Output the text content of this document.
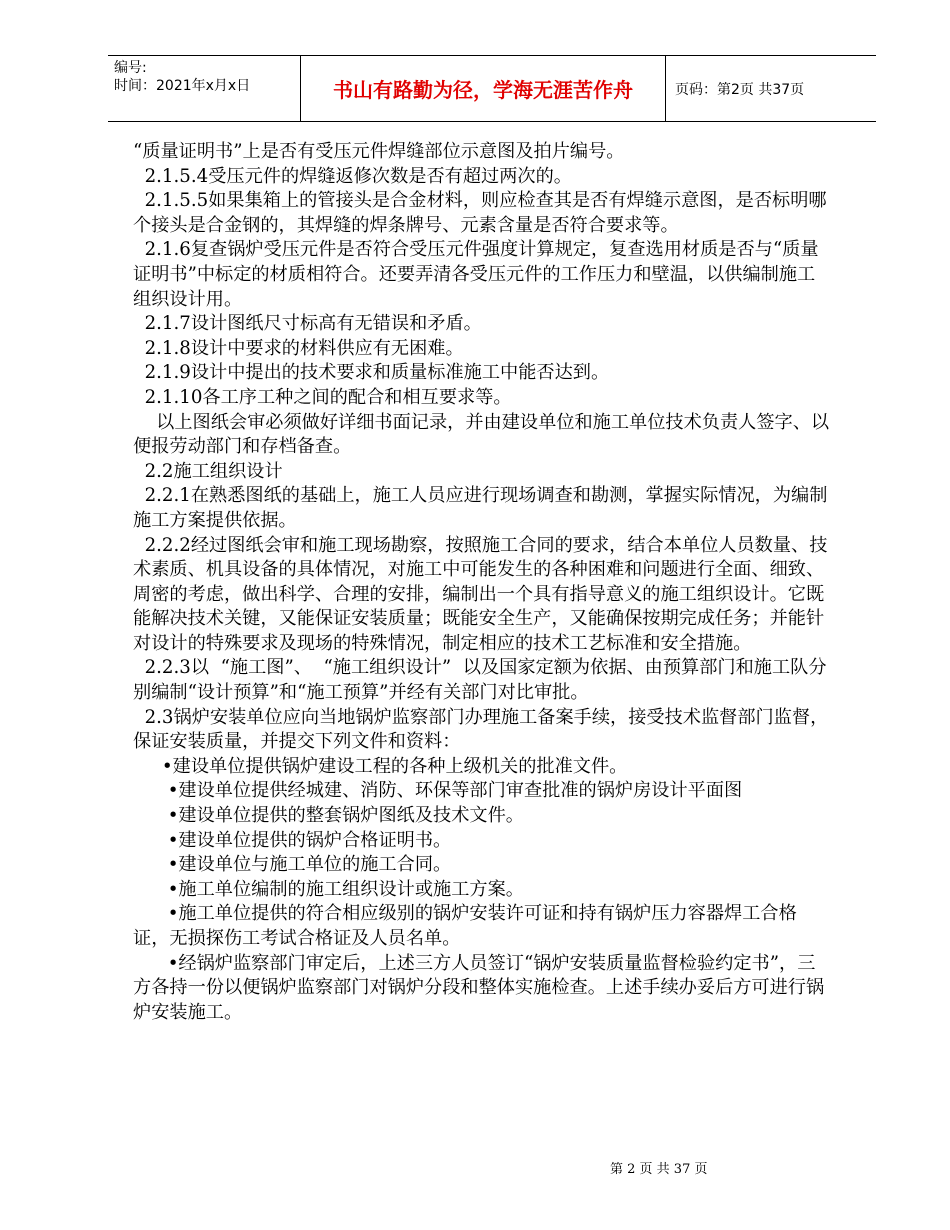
编号:
时间：2021年x月x日	书山有路勤为径，学海无涯苦作舟	页码：第2页 共37页

“质量证明书”上是否有受压元件焊缝部位示意图及拍片编号。

2.1.5.4受压元件的焊缝返修次数是否有超过两次的。

2.1.5.5如果集箱上的管接头是合金材料，则应检查其是否有焊缝示意图，是否标明哪个接头是合金钢的，其焊缝的焊条牌号、元素含量是否符合要求等。

2.1.6复查锅炉受压元件是否符合受压元件强度计算规定，复查选用材质是否与“质量证明书”中标定的材质相符合。还要弄清各受压元件的工作压力和壁温，以供编制施工组织设计用。

2.1.7设计图纸尺寸标高有无错误和矛盾。

2.1.8设计中要求的材料供应有无困难。

2.1.9设计中提出的技术要求和质量标准施工中能否达到。

2.1.10各工序工种之间的配合和相互要求等。

以上图纸会审必须做好详细书面记录，并由建设单位和施工单位技术负责人签字、以便报劳动部门和存档备查。

2.2施工组织设计

2.2.1在熟悉图纸的基础上，施工人员应进行现场调查和勘测，掌握实际情况，为编制施工方案提供依据。

2.2.2经过图纸会审和施工现场勘察，按照施工合同的要求，结合本单位人员数量、技术素质、机具设备的具体情况，对施工中可能发生的各种困难和问题进行全面、细致、周密的考虑，做出科学、合理的安排，编制出一个具有指导意义的施工组织设计。它既能解决技术关键，又能保证安装质量；既能安全生产，又能确保按期完成任务；并能针对设计的特殊要求及现场的特殊情况，制定相应的技术工艺标准和安全措施。

2.2.3以  “施工图”、  “施工组织设计”  以及国家定额为依据、由预算部门和施工队分别编制“设计预算”和“施工预算”并经有关部门对比审批。

2.3锅炉安装单位应向当地锅炉监察部门办理施工备案手续，接受技术监督部门监督，保证安装质量，并提交下列文件和资料：

•建设单位提供锅炉建设工程的各种上级机关的批准文件。

•建设单位提供经城建、消防、环保等部门审查批准的锅炉房设计平面图

•建设单位提供的整套锅炉图纸及技术文件。

•建设单位提供的锅炉合格证明书。

•建设单位与施工单位的施工合同。

•施工单位编制的施工组织设计或施工方案。

•施工单位提供的符合相应级别的锅炉安装许可证和持有锅炉压力容器焊工合格证，无损探伤工考试合格证及人员名单。

•经锅炉监察部门审定后，上述三方人员签订“锅炉安装质量监督检验约定书”，三方各持一份以便锅炉监察部门对锅炉分段和整体实施检查。上述手续办妥后方可进行锅炉安装施工。

第 2 页 共 37 页
